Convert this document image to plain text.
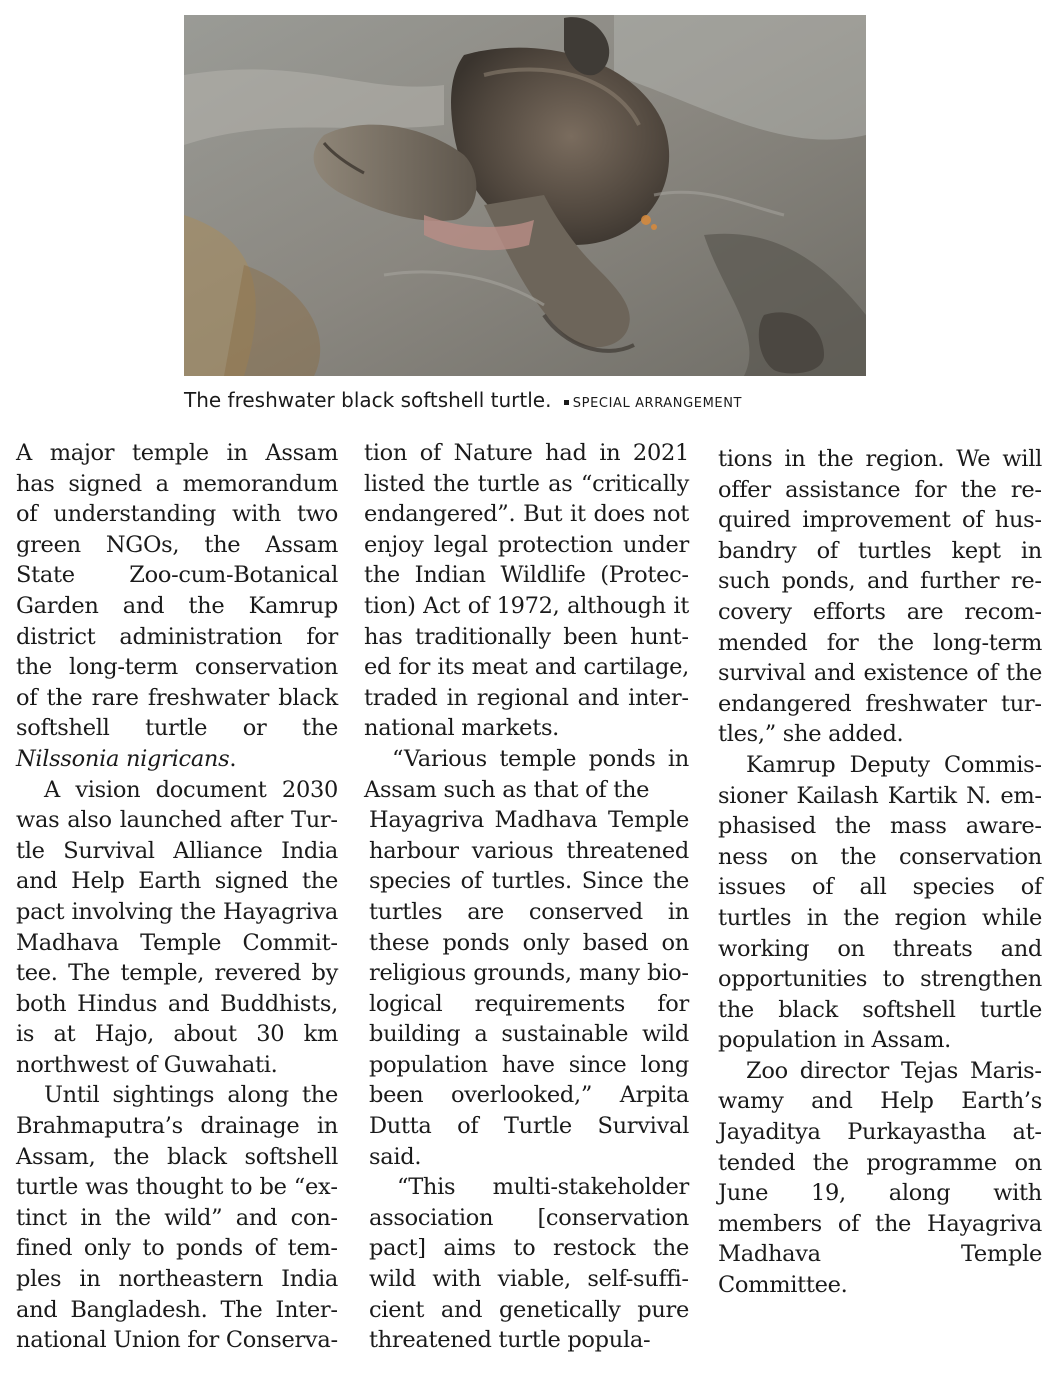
The freshwater black softshell turtle. SPECIAL ARRANGEMENT

A major temple in Assam has signed a memorandum of understanding with two green NGOs, the Assam State Zoo-cum-Botanical Garden and the Kamrup district administration for the long-term conservation of the rare freshwater black softshell turtle or the Nilssonia nigricans.

A vision document 2030 was also launched after Turtle Survival Alliance India and Help Earth signed the pact involving the Hayagriva Madhava Temple Committee. The temple, revered by both Hindus and Buddhists, is at Hajo, about 30 km northwest of Guwahati.

Until sightings along the Brahmaputra’s drainage in Assam, the black softshell turtle was thought to be “extinct in the wild” and confined only to ponds of temples in northeastern India and Bangladesh. The International Union for Conserva-

tion of Nature had in 2021 listed the turtle as “critically endangered”. But it does not enjoy legal protection under the Indian Wildlife (Protection) Act of 1972, although it has traditionally been hunted for its meat and cartilage, traded in regional and international markets.

“Various temple ponds in Assam such as that of the

Hayagriva Madhava Temple harbour various threatened species of turtles. Since the turtles are conserved in these ponds only based on religious grounds, many biological requirements for building a sustainable wild population have since long been overlooked,” Arpita Dutta of Turtle Survival said.

“This multi-stakeholder association [conservation pact] aims to restock the wild with viable, self-sufficient and genetically pure threatened turtle popula-

tions in the region. We will offer assistance for the required improvement of husbandry of turtles kept in such ponds, and further recovery efforts are recommended for the long-term survival and existence of the endangered freshwater turtles,” she added.

Kamrup Deputy Commissioner Kailash Kartik N. emphasised the mass awareness on the conservation issues of all species of turtles in the region while working on threats and opportunities to strengthen the black softshell turtle population in Assam.

Zoo director Tejas Mariswamy and Help Earth’s Jayaditya Purkayastha attended the programme on June 19, along with members of the Hayagriva Madhava Temple Committee.
